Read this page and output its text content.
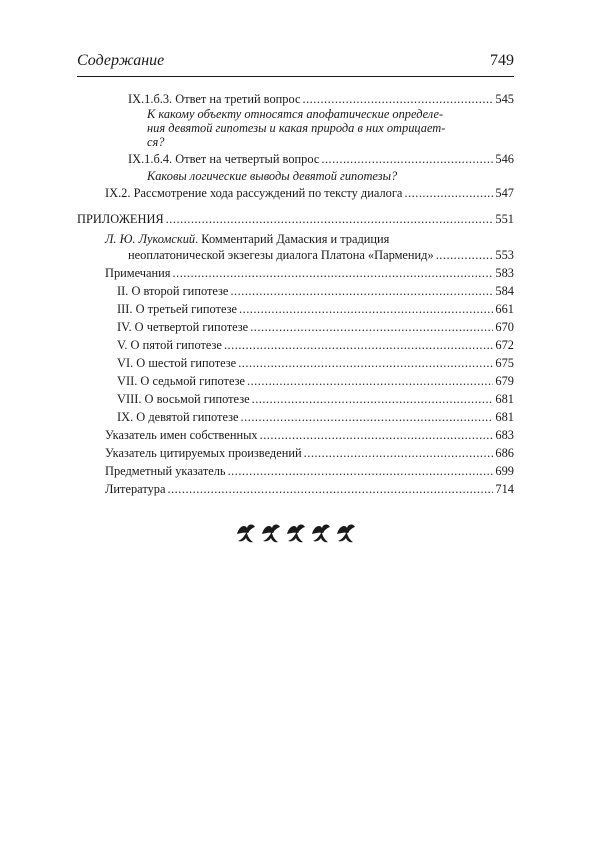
Содержание	749
IX.1.б.3. Ответ на третий вопрос .....	545
К какому объекту относятся апофатические определе-
ния девятой гипотезы и какая природа в них отрицает-
ся?
IX.1.б.4. Ответ на четвертый вопрос .....	546
Каковы логические выводы девятой гипотезы?
IX.2. Рассмотрение хода рассуждений по тексту диалога .....	547
ПРИЛОЖЕНИЯ .....	551
Л. Ю. Лукомский. Комментарий Дамаския и традиция
неоплатонической экзегезы диалога Платона «Парменид» .....	553
Примечания .....	583
II. О второй гипотезе .....	584
III. О третьей гипотезе .....	661
IV. О четвертой гипотезе .....	670
V. О пятой гипотезе .....	672
VI. О шестой гипотезе .....	675
VII. О седьмой гипотезе .....	679
VIII. О восьмой гипотезе .....	681
IX. О девятой гипотезе .....	681
Указатель имен собственных .....	683
Указатель цитируемых произведений .....	686
Предметный указатель .....	699
Литература .....	714
